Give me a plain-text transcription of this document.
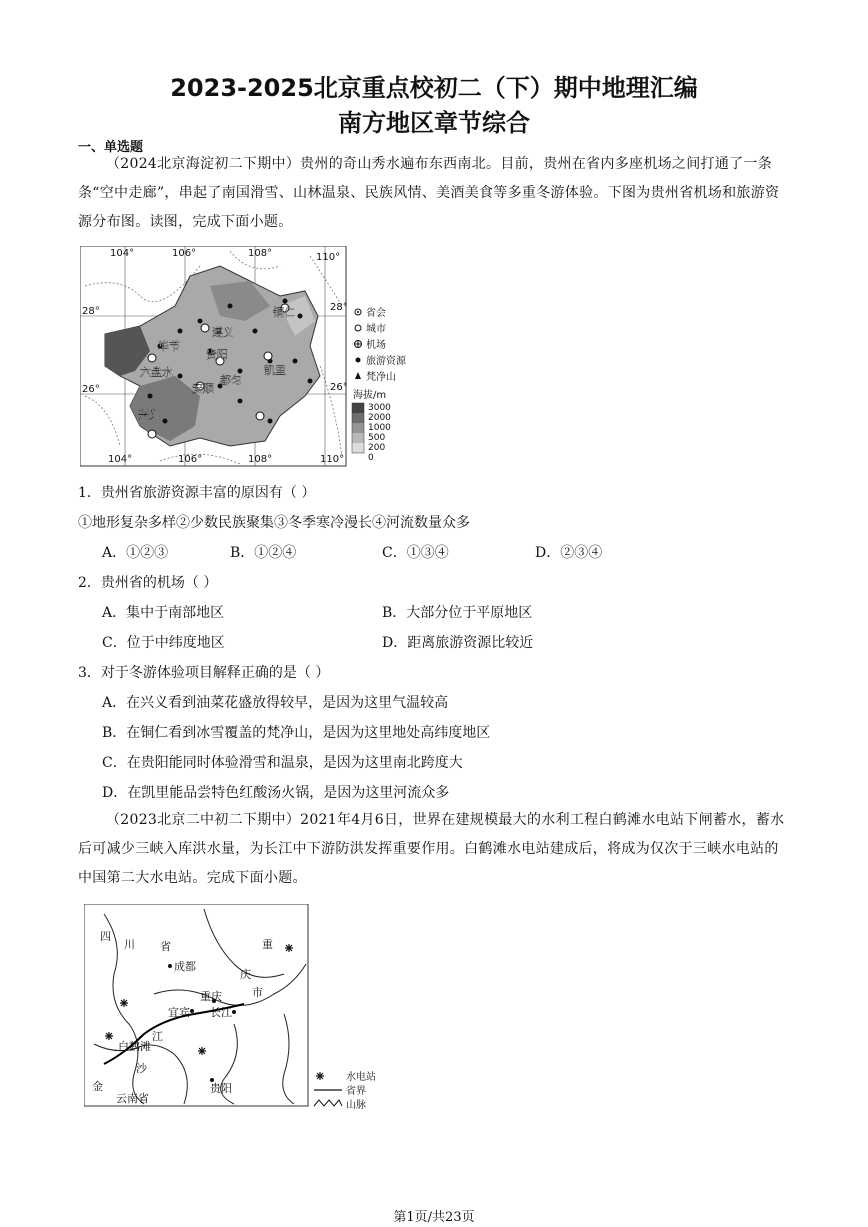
2023-2025北京重点校初二（下）期中地理汇编
南方地区章节综合
一、单选题
（2024北京海淀初二下期中）贵州的奇山秀水遍布东西南北。目前，贵州在省内多座机场之间打通了一条条“空中走廊”，串起了南国滑雪、山林温泉、民族风情、美酒美食等多重冬游体验。下图为贵州省机场和旅游资源分布图。读图，完成下面小题。
104°	106°	108°	110°
104°	106°	108°	110°
28°	28°
26°	26°
毕节
遵义
铜仁
贵阳
凯里
六盘水
安顺
都匀
兴义
省会
城市
机场
旅游资源
梵净山
海拔/m
3000
2000
1000
500
200
0
1．贵州省旅游资源丰富的原因有（ ）
①地形复杂多样②少数民族聚集③冬季寒冷漫长④河流数量众多
A．①②③	B．①②④	C．①③④	D．②③④
2．贵州省的机场（ ）
A．集中于南部地区	B．大部分位于平原地区
C．位于中纬度地区	D．距离旅游资源比较近
3．对于冬游体验项目解释正确的是（ ）
A．在兴义看到油菜花盛放得较早，是因为这里气温较高
B．在铜仁看到冰雪覆盖的梵净山，是因为这里地处高纬度地区
C．在贵阳能同时体验滑雪和温泉，是因为这里南北跨度大
D．在凯里能品尝特色红酸汤火锅，是因为这里河流众多
（2023北京二中初二下期中）2021年4月6日，世界在建规模最大的水利工程白鹤滩水电站下闸蓄水，蓄水后可减少三峡入库洪水量，为长江中下游防洪发挥重要作用。白鹤滩水电站建成后，将成为仅次于三峡水电站的中国第二大水电站。完成下面小题。
四
川 省
成都
重庆
宜宾 长江
庆
市
白鹤滩
江
沙
金	贵阳
云南省
重
水电站
省界
山脉
第1页/共23页
